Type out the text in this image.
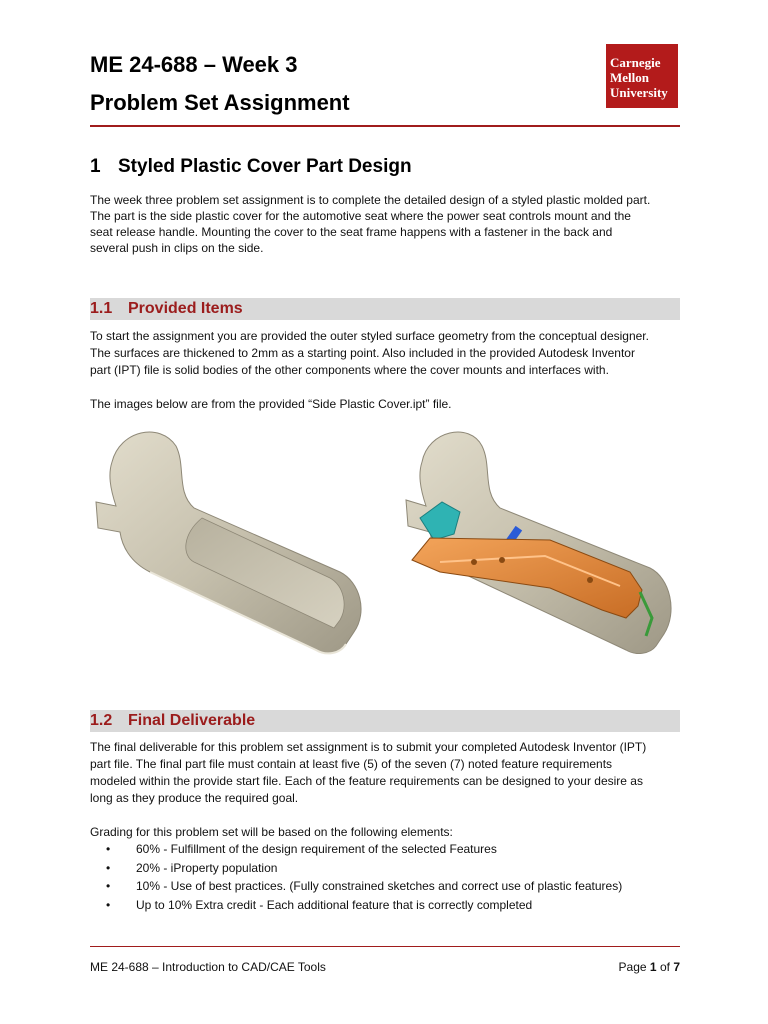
ME 24-688 – Week 3
Problem Set Assignment
Carnegie
Mellon
University
1 Styled Plastic Cover Part Design
The week three problem set assignment is to complete the detailed design of a styled plastic molded part.
The part is the side plastic cover for the automotive seat where the power seat controls mount and the
seat release handle. Mounting the cover to the seat frame happens with a fastener in the back and
several push in clips on the side.
1.1 Provided Items
To start the assignment you are provided the outer styled surface geometry from the conceptual designer.
The surfaces are thickened to 2mm as a starting point. Also included in the provided Autodesk Inventor
part (IPT) file is solid bodies of the other components where the cover mounts and interfaces with.
The images below are from the provided “Side Plastic Cover.ipt” file.
1.2 Final Deliverable
The final deliverable for this problem set assignment is to submit your completed Autodesk Inventor (IPT)
part file. The final part file must contain at least five (5) of the seven (7) noted feature requirements
modeled within the provide start file. Each of the feature requirements can be designed to your desire as
long as they produce the required goal.
Grading for this problem set will be based on the following elements:
• 60% - Fulfillment of the design requirement of the selected Features
• 20% - iProperty population
• 10% - Use of best practices. (Fully constrained sketches and correct use of plastic features)
• Up to 10% Extra credit - Each additional feature that is correctly completed
ME 24-688 – Introduction to CAD/CAE Tools	Page 1 of 7
